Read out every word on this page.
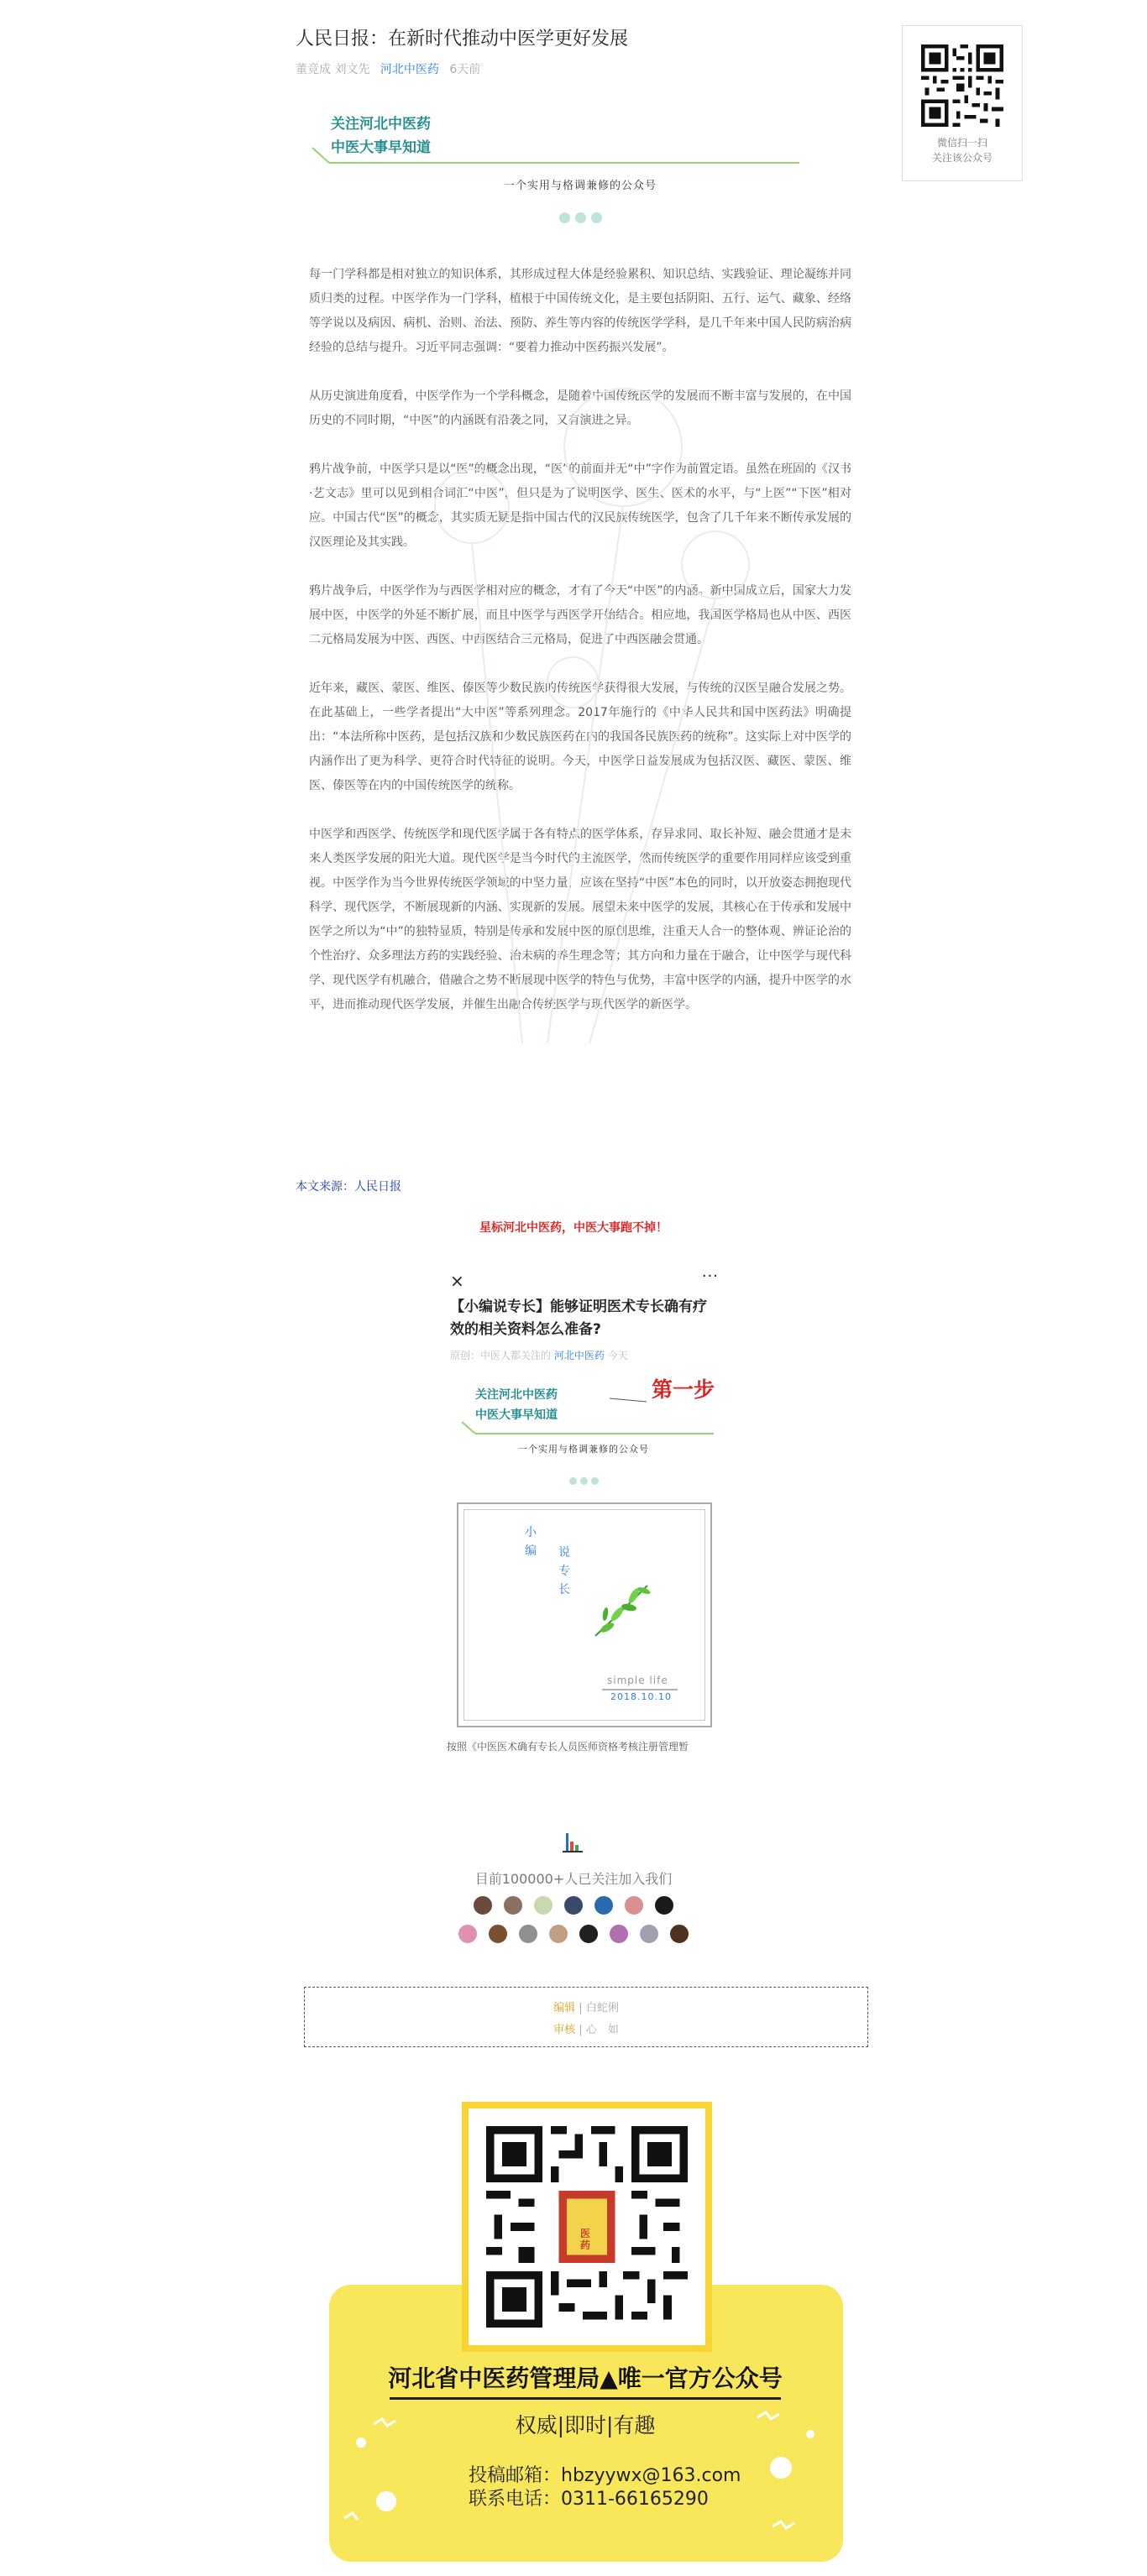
人民日报：在新时代推动中医学更好发展
董竞成 刘文先 河北中医药 6天前
关注河北中医药
中医大事早知道
一个实用与格调兼修的公众号

每一门学科都是相对独立的知识体系，其形成过程大体是经验累积、知识总结、实践验证、理论凝练并同质归类的过程。中医学作为一门学科，植根于中国传统文化，是主要包括阴阳、五行、运气、藏象、经络等学说以及病因、病机、治则、治法、预防、养生等内容的传统医学学科，是几千年来中国人民防病治病经验的总结与提升。习近平同志强调：“要着力推动中医药振兴发展”。

从历史演进角度看，中医学作为一个学科概念，是随着中国传统医学的发展而不断丰富与发展的，在中国历史的不同时期，“中医”的内涵既有沿袭之同，又有演进之异。

鸦片战争前，中医学只是以“医”的概念出现，“医”的前面并无“中”字作为前置定语。虽然在班固的《汉书·艺文志》里可以见到相合词汇“中医”，但只是为了说明医学、医生、医术的水平，与“上医”“下医”相对应。中国古代“医”的概念，其实质无疑是指中国古代的汉民族传统医学，包含了几千年来不断传承发展的汉医理论及其实践。

鸦片战争后，中医学作为与西医学相对应的概念，才有了今天“中医”的内涵。新中国成立后，国家大力发展中医，中医学的外延不断扩展，而且中医学与西医学开始结合。相应地，我国医学格局也从中医、西医二元格局发展为中医、西医、中西医结合三元格局，促进了中西医融会贯通。

近年来，藏医、蒙医、维医、傣医等少数民族的传统医学获得很大发展，与传统的汉医呈融合发展之势。在此基础上，一些学者提出“大中医”等系列理念。2017年施行的《中华人民共和国中医药法》明确提出：“本法所称中医药，是包括汉族和少数民族医药在内的我国各民族医药的统称”。这实际上对中医学的内涵作出了更为科学、更符合时代特征的说明。今天，中医学日益发展成为包括汉医、藏医、蒙医、维医、傣医等在内的中国传统医学的统称。

中医学和西医学、传统医学和现代医学属于各有特点的医学体系，存异求同、取长补短、融会贯通才是未来人类医学发展的阳光大道。现代医学是当今时代的主流医学，然而传统医学的重要作用同样应该受到重视。中医学作为当今世界传统医学领域的中坚力量，应该在坚持“中医”本色的同时，以开放姿态拥抱现代科学、现代医学，不断展现新的内涵、实现新的发展。展望未来中医学的发展，其核心在于传承和发展中医学之所以为“中”的独特显质，特别是传承和发展中医的原创思维，注重天人合一的整体观、辨证论治的个性治疗、众多理法方药的实践经验、治未病的养生理念等；其方向和力量在于融合，让中医学与现代科学、现代医学有机融合，借融合之势不断展现中医学的特色与优势，丰富中医学的内涵，提升中医学的水平，进而推动现代医学发展，并催生出融合传统医学与现代医学的新医学。

微信扫一扫
关注该公众号
本文来源：人民日报
星标河北中医药，中医大事跑不掉！
×	···
【小编说专长】能够证明医术专长确有疗效的相关资料怎么准备?
原创：中医人都关注的 河北中医药 今天
第一步
关注河北中医药
中医大事早知道
一个实用与格调兼修的公众号
小
编 说
专
长
simple life
2018.10.10
按照《中医医术确有专长人员医师资格考核注册管理暂
目前100000+人已关注加入我们
编辑 | 白蛇俐
审核 | 心　如
医
药
河北省中医药管理局▲唯一官方公众号
权威|即时|有趣
投稿邮箱：hbzyywx@163.com
联系电话：0311-66165290
